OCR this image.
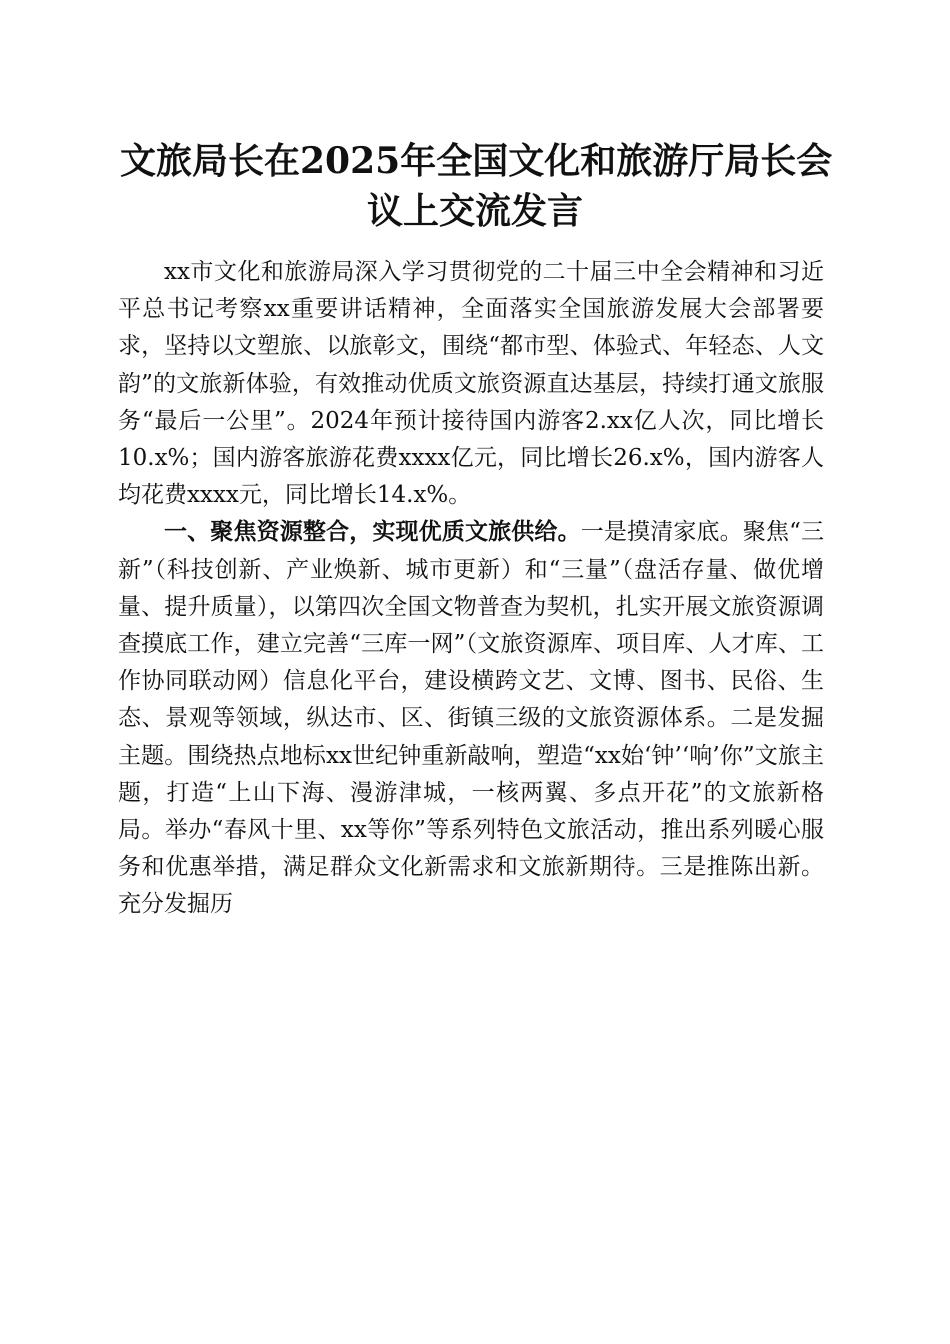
文旅局长在2025年全国文化和旅游厅局长会
议上交流发言

xx市文化和旅游局深入学习贯彻党的二十届三中全会精神和习近平总书记考察xx重要讲话精神，全面落实全国旅游发展大会部署要求，坚持以文塑旅、以旅彰文，围绕“都市型、体验式、年轻态、人文韵”的文旅新体验，有效推动优质文旅资源直达基层，持续打通文旅服务“最后一公里”。2024年预计接待国内游客2.xx亿人次，同比增长10.x%；国内游客旅游花费xxxx亿元，同比增长26.x%，国内游客人均花费xxxx元，同比增长14.x%。

一、聚焦资源整合，实现优质文旅供给。一是摸清家底。聚焦“三新”（科技创新、产业焕新、城市更新）和“三量”（盘活存量、做优增量、提升质量），以第四次全国文物普查为契机，扎实开展文旅资源调查摸底工作，建立完善“三库一网”（文旅资源库、项目库、人才库、工作协同联动网）信息化平台，建设横跨文艺、文博、图书、民俗、生态、景观等领域，纵达市、区、街镇三级的文旅资源体系。二是发掘主题。围绕热点地标xx世纪钟重新敲响，塑造“xx始‘钟’‘响’你”文旅主题，打造“上山下海、漫游津城，一核两翼、多点开花”的文旅新格局。举办“春风十里、xx等你”等系列特色文旅活动，推出系列暖心服务和优惠举措，满足群众文化新需求和文旅新期待。三是推陈出新。充分发掘历
